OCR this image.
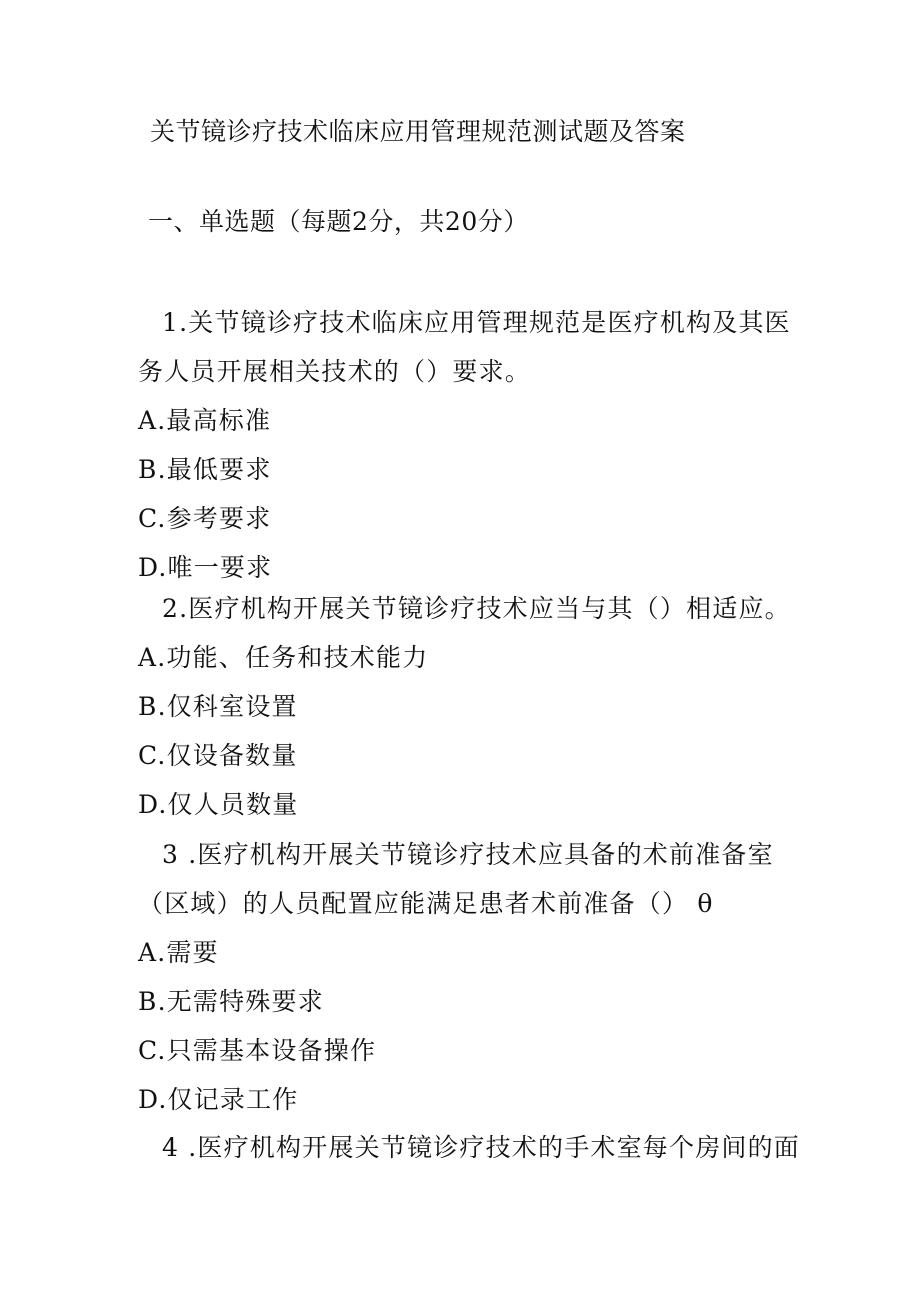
关节镜诊疗技术临床应用管理规范测试题及答案
一、单选题（每题2分，共20分）

1.关节镜诊疗技术临床应用管理规范是医疗机构及其医务人员开展相关技术的（）要求。

A.最高标准
B.最低要求
C.参考要求
D.唯一要求

2.医疗机构开展关节镜诊疗技术应当与其（）相适应。

A.功能、任务和技术能力
B.仅科室设置
C.仅设备数量
D.仅人员数量

3 .医疗机构开展关节镜诊疗技术应具备的术前准备室（区域）的人员配置应能满足患者术前准备（） θ

A.需要
B.无需特殊要求
C.只需基本设备操作
D.仅记录工作
4 .医疗机构开展关节镜诊疗技术的手术室每个房间的面
